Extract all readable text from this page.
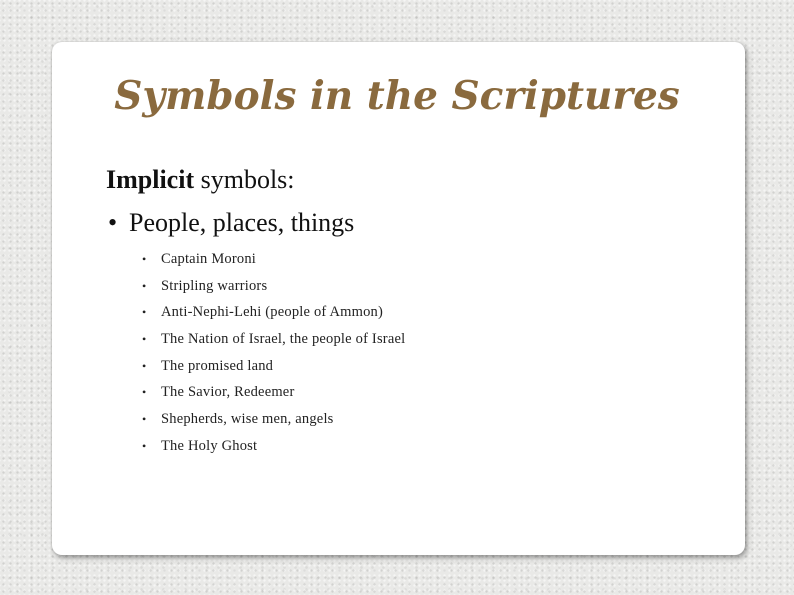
Symbols in the Scriptures
Implicit symbols:
• People, places, things
• Captain Moroni
• Stripling warriors
• Anti-Nephi-Lehi (people of Ammon)
• The Nation of Israel, the people of Israel
• The promised land
• The Savior, Redeemer
• Shepherds, wise men, angels
• The Holy Ghost
